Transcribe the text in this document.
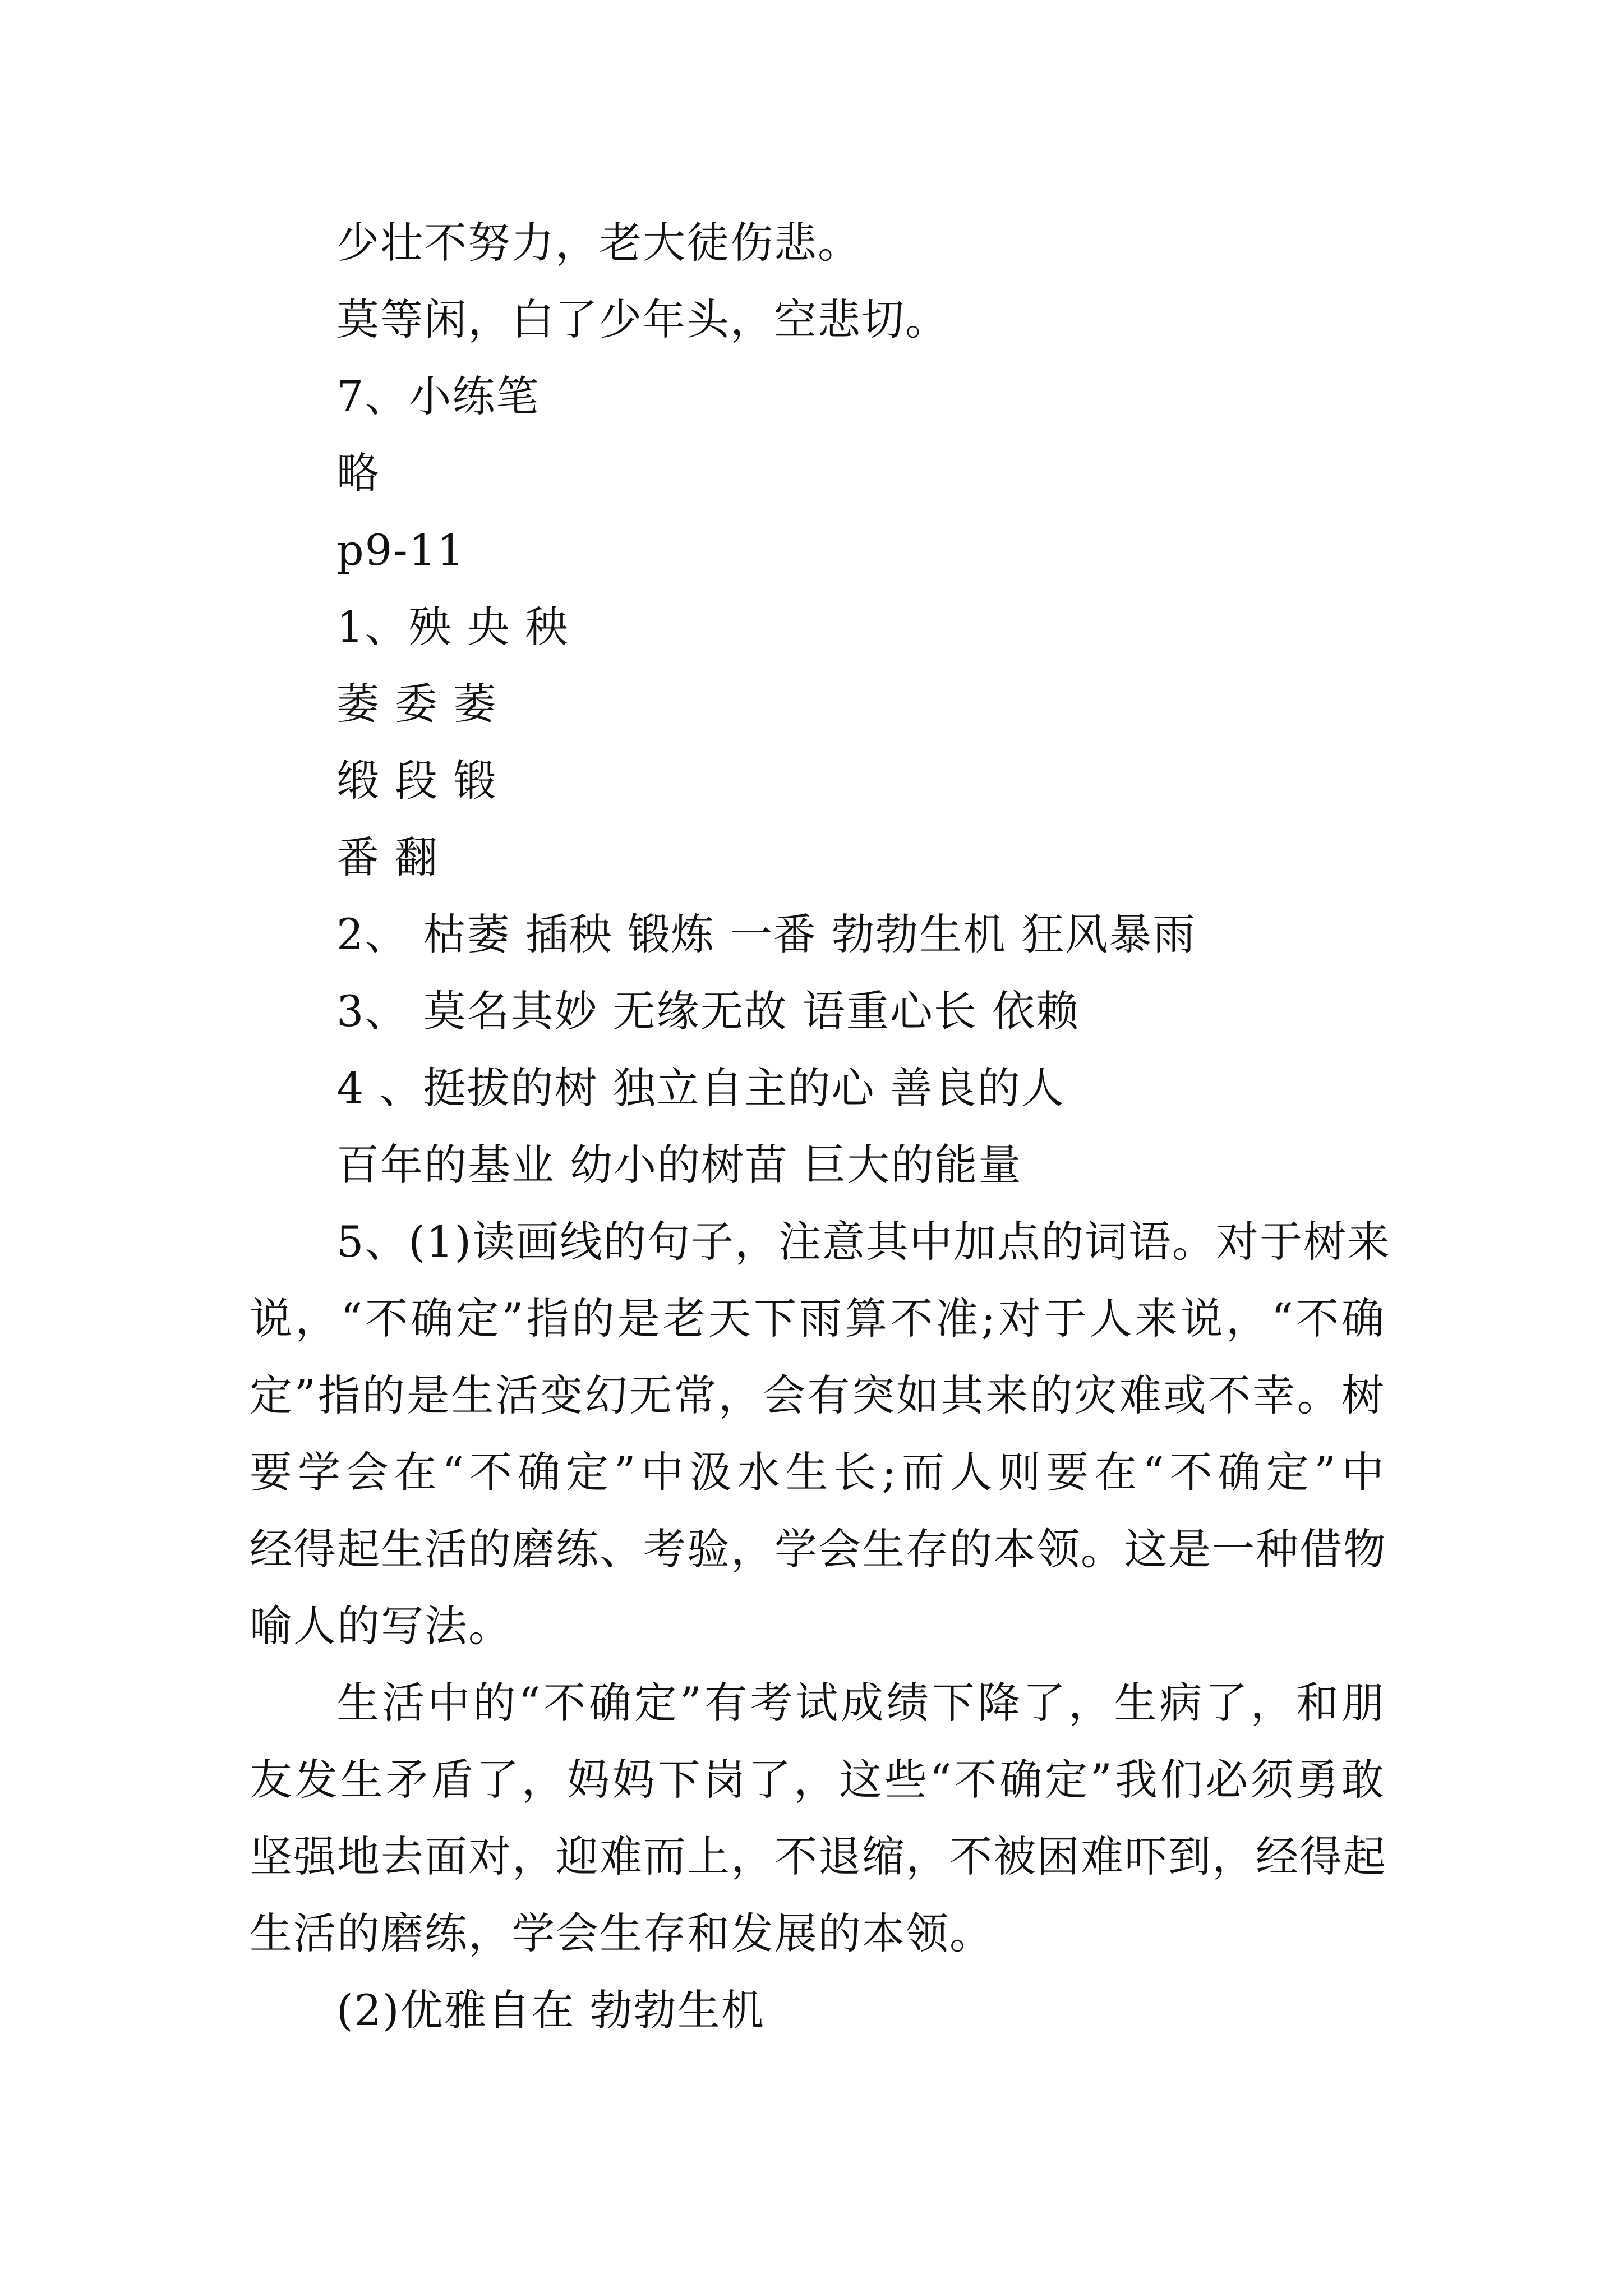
少壮不努力，老大徒伤悲。
莫等闲，白了少年头，空悲切。
7、小练笔
略
p9-11
1、殃 央 秧
萎 委 萎
缎 段 锻
番 翻
2、 枯萎 插秧 锻炼 一番 勃勃生机 狂风暴雨
3、 莫名其妙 无缘无故 语重心长 依赖
4 、挺拔的树 独立自主的心 善良的人
百年的基业 幼小的树苗 巨大的能量
5、(1)读画线的句子，注意其中加点的词语。对于树来
说，“不确定”指的是老天下雨算不准;对于人来说，“不确
定”指的是生活变幻无常，会有突如其来的灾难或不幸。树
要学会在“不确定”中汲水生长;而人则要在“不确定”中
经得起生活的磨练、考验，学会生存的本领。这是一种借物
喻人的写法。
生活中的“不确定”有考试成绩下降了，生病了，和朋
友发生矛盾了，妈妈下岗了，这些“不确定”我们必须勇敢
坚强地去面对，迎难而上，不退缩，不被困难吓到，经得起
生活的磨练，学会生存和发展的本领。
(2)优雅自在 勃勃生机
